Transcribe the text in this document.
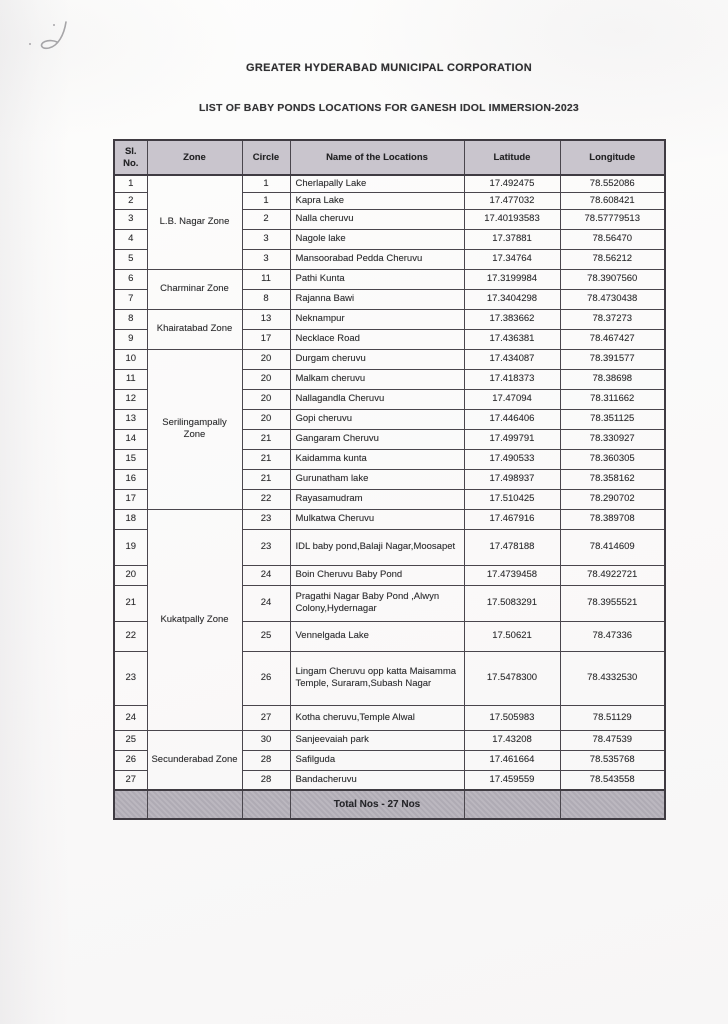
GREATER HYDERABAD MUNICIPAL CORPORATION
LIST OF BABY PONDS LOCATIONS FOR GANESH IDOL IMMERSION-2023
Sl. No.	Zone	Circle	Name of the Locations	Latitude	Longitude
1	L.B. Nagar Zone	1	Cherlapally Lake	17.492475	78.552086
2		1	Kapra Lake	17.477032	78.608421
3		2	Nalla cheruvu	17.40193583	78.57779513
4		3	Nagole lake	17.37881	78.56470
5		3	Mansoorabad Pedda Cheruvu	17.34764	78.56212
6	Charminar Zone	11	Pathi Kunta	17.3199984	78.3907560
7		8	Rajanna Bawi	17.3404298	78.4730438
8	Khairatabad Zone	13	Neknampur	17.383662	78.37273
9		17	Necklace Road	17.436381	78.467427
10	Serilingampally Zone	20	Durgam cheruvu	17.434087	78.391577
11		20	Malkam cheruvu	17.418373	78.38698
12		20	Nallagandla Cheruvu	17.47094	78.311662
13		20	Gopi cheruvu	17.446406	78.351125
14		21	Gangaram Cheruvu	17.499791	78.330927
15		21	Kaidamma kunta	17.490533	78.360305
16		21	Gurunatham lake	17.498937	78.358162
17		22	Rayasamudram	17.510425	78.290702
18	Kukatpally Zone	23	Mulkatwa Cheruvu	17.467916	78.389708
19		23	IDL baby pond,Balaji Nagar,Moosapet	17.478188	78.414609
20		24	Boin Cheruvu Baby Pond	17.4739458	78.4922721
21		24	Pragathi Nagar Baby Pond ,Alwyn Colony,Hydernagar	17.5083291	78.3955521
22		25	Vennelgada Lake	17.50621	78.47336
23		26	Lingam Cheruvu opp katta Maisamma Temple, Suraram,Subash Nagar	17.5478300	78.4332530
24		27	Kotha cheruvu,Temple Alwal	17.505983	78.51129
25	Secunderabad Zone	30	Sanjeevaiah park	17.43208	78.47539
26		28	Safilguda	17.461664	78.535768
27		28	Bandacheruvu	17.459559	78.543558
			Total Nos - 27 Nos		
